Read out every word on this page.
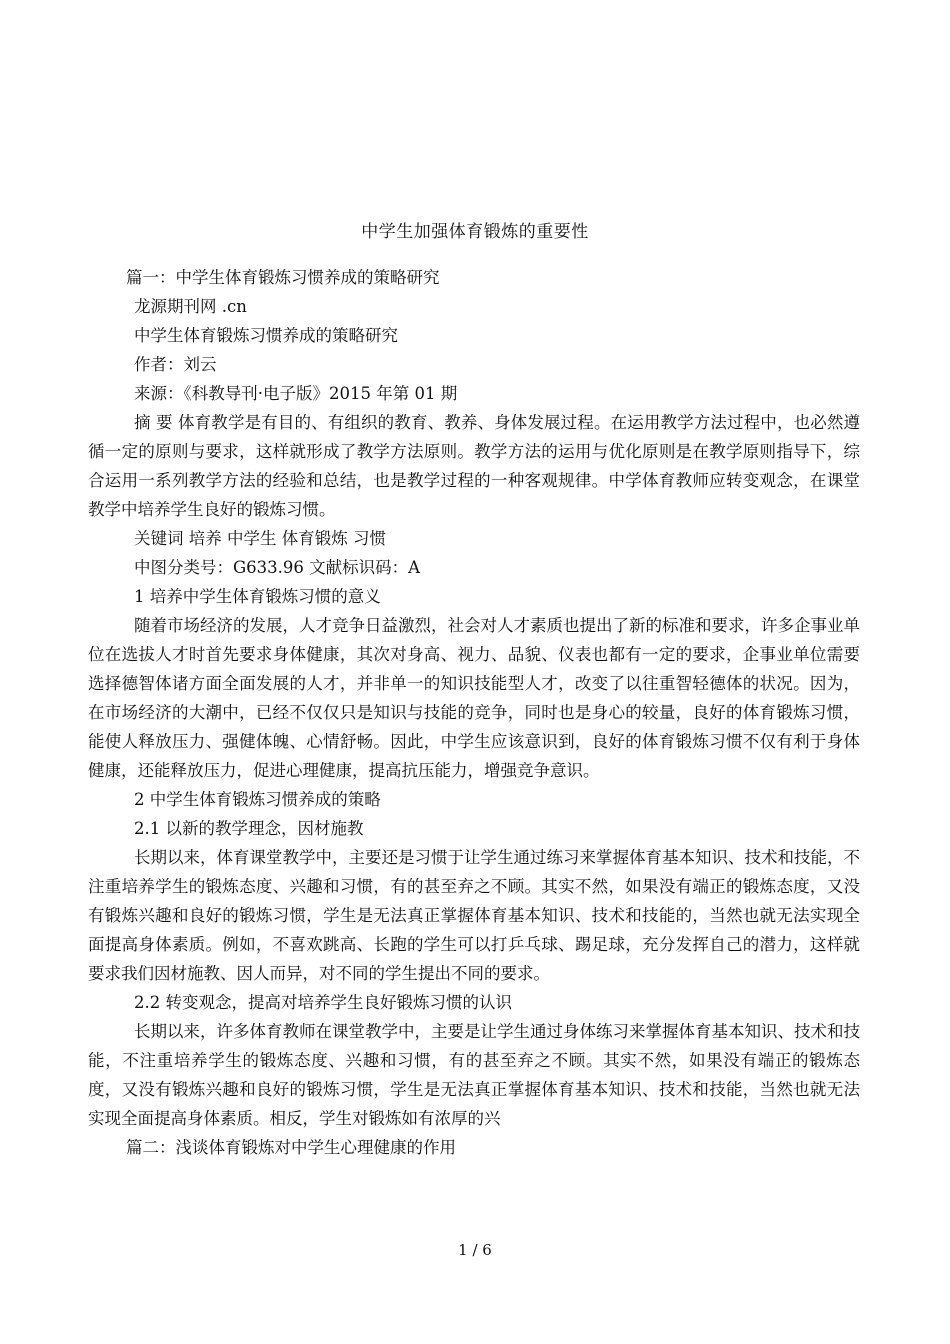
中学生加强体育锻炼的重要性
篇一：中学生体育锻炼习惯养成的策略研究
龙源期刊网 .cn
中学生体育锻炼习惯养成的策略研究
作者：刘云
来源：《科教导刊·电子版》2015 年第 01 期
摘 要 体育教学是有目的、有组织的教育、教养、身体发展过程。在运用教学方法过程中，也必然遵循一定的原则与要求，这样就形成了教学方法原则。教学方法的运用与优化原则是在教学原则指导下，综合运用一系列教学方法的经验和总结，也是教学过程的一种客观规律。中学体育教师应转变观念，在课堂教学中培养学生良好的锻炼习惯。
关键词 培养 中学生 体育锻炼 习惯
中图分类号：G633.96 文献标识码：A
1 培养中学生体育锻炼习惯的意义
随着市场经济的发展，人才竞争日益激烈，社会对人才素质也提出了新的标准和要求，许多企事业单位在选拔人才时首先要求身体健康，其次对身高、视力、品貌、仪表也都有一定的要求，企事业单位需要选择德智体诸方面全面发展的人才，并非单一的知识技能型人才，改变了以往重智轻德体的状况。因为，在市场经济的大潮中，已经不仅仅只是知识与技能的竞争，同时也是身心的较量，良好的体育锻炼习惯，能使人释放压力、强健体魄、心情舒畅。因此，中学生应该意识到，良好的体育锻炼习惯不仅有利于身体健康，还能释放压力，促进心理健康，提高抗压能力，增强竞争意识。
2 中学生体育锻炼习惯养成的策略
2.1 以新的教学理念，因材施教
长期以来，体育课堂教学中，主要还是习惯于让学生通过练习来掌握体育基本知识、技术和技能，不注重培养学生的锻炼态度、兴趣和习惯，有的甚至弃之不顾。其实不然，如果没有端正的锻炼态度，又没有锻炼兴趣和良好的锻炼习惯，学生是无法真正掌握体育基本知识、技术和技能的，当然也就无法实现全面提高身体素质。例如，不喜欢跳高、长跑的学生可以打乒乓球、踢足球，充分发挥自己的潜力，这样就要求我们因材施教、因人而异，对不同的学生提出不同的要求。
2.2 转变观念，提高对培养学生良好锻炼习惯的认识
长期以来，许多体育教师在课堂教学中，主要是让学生通过身体练习来掌握体育基本知识、技术和技能，不注重培养学生的锻炼态度、兴趣和习惯，有的甚至弃之不顾。其实不然，如果没有端正的锻炼态度，又没有锻炼兴趣和良好的锻炼习惯，学生是无法真正掌握体育基本知识、技术和技能，当然也就无法实现全面提高身体素质。相反，学生对锻炼如有浓厚的兴
篇二：浅谈体育锻炼对中学生心理健康的作用
1 / 6
